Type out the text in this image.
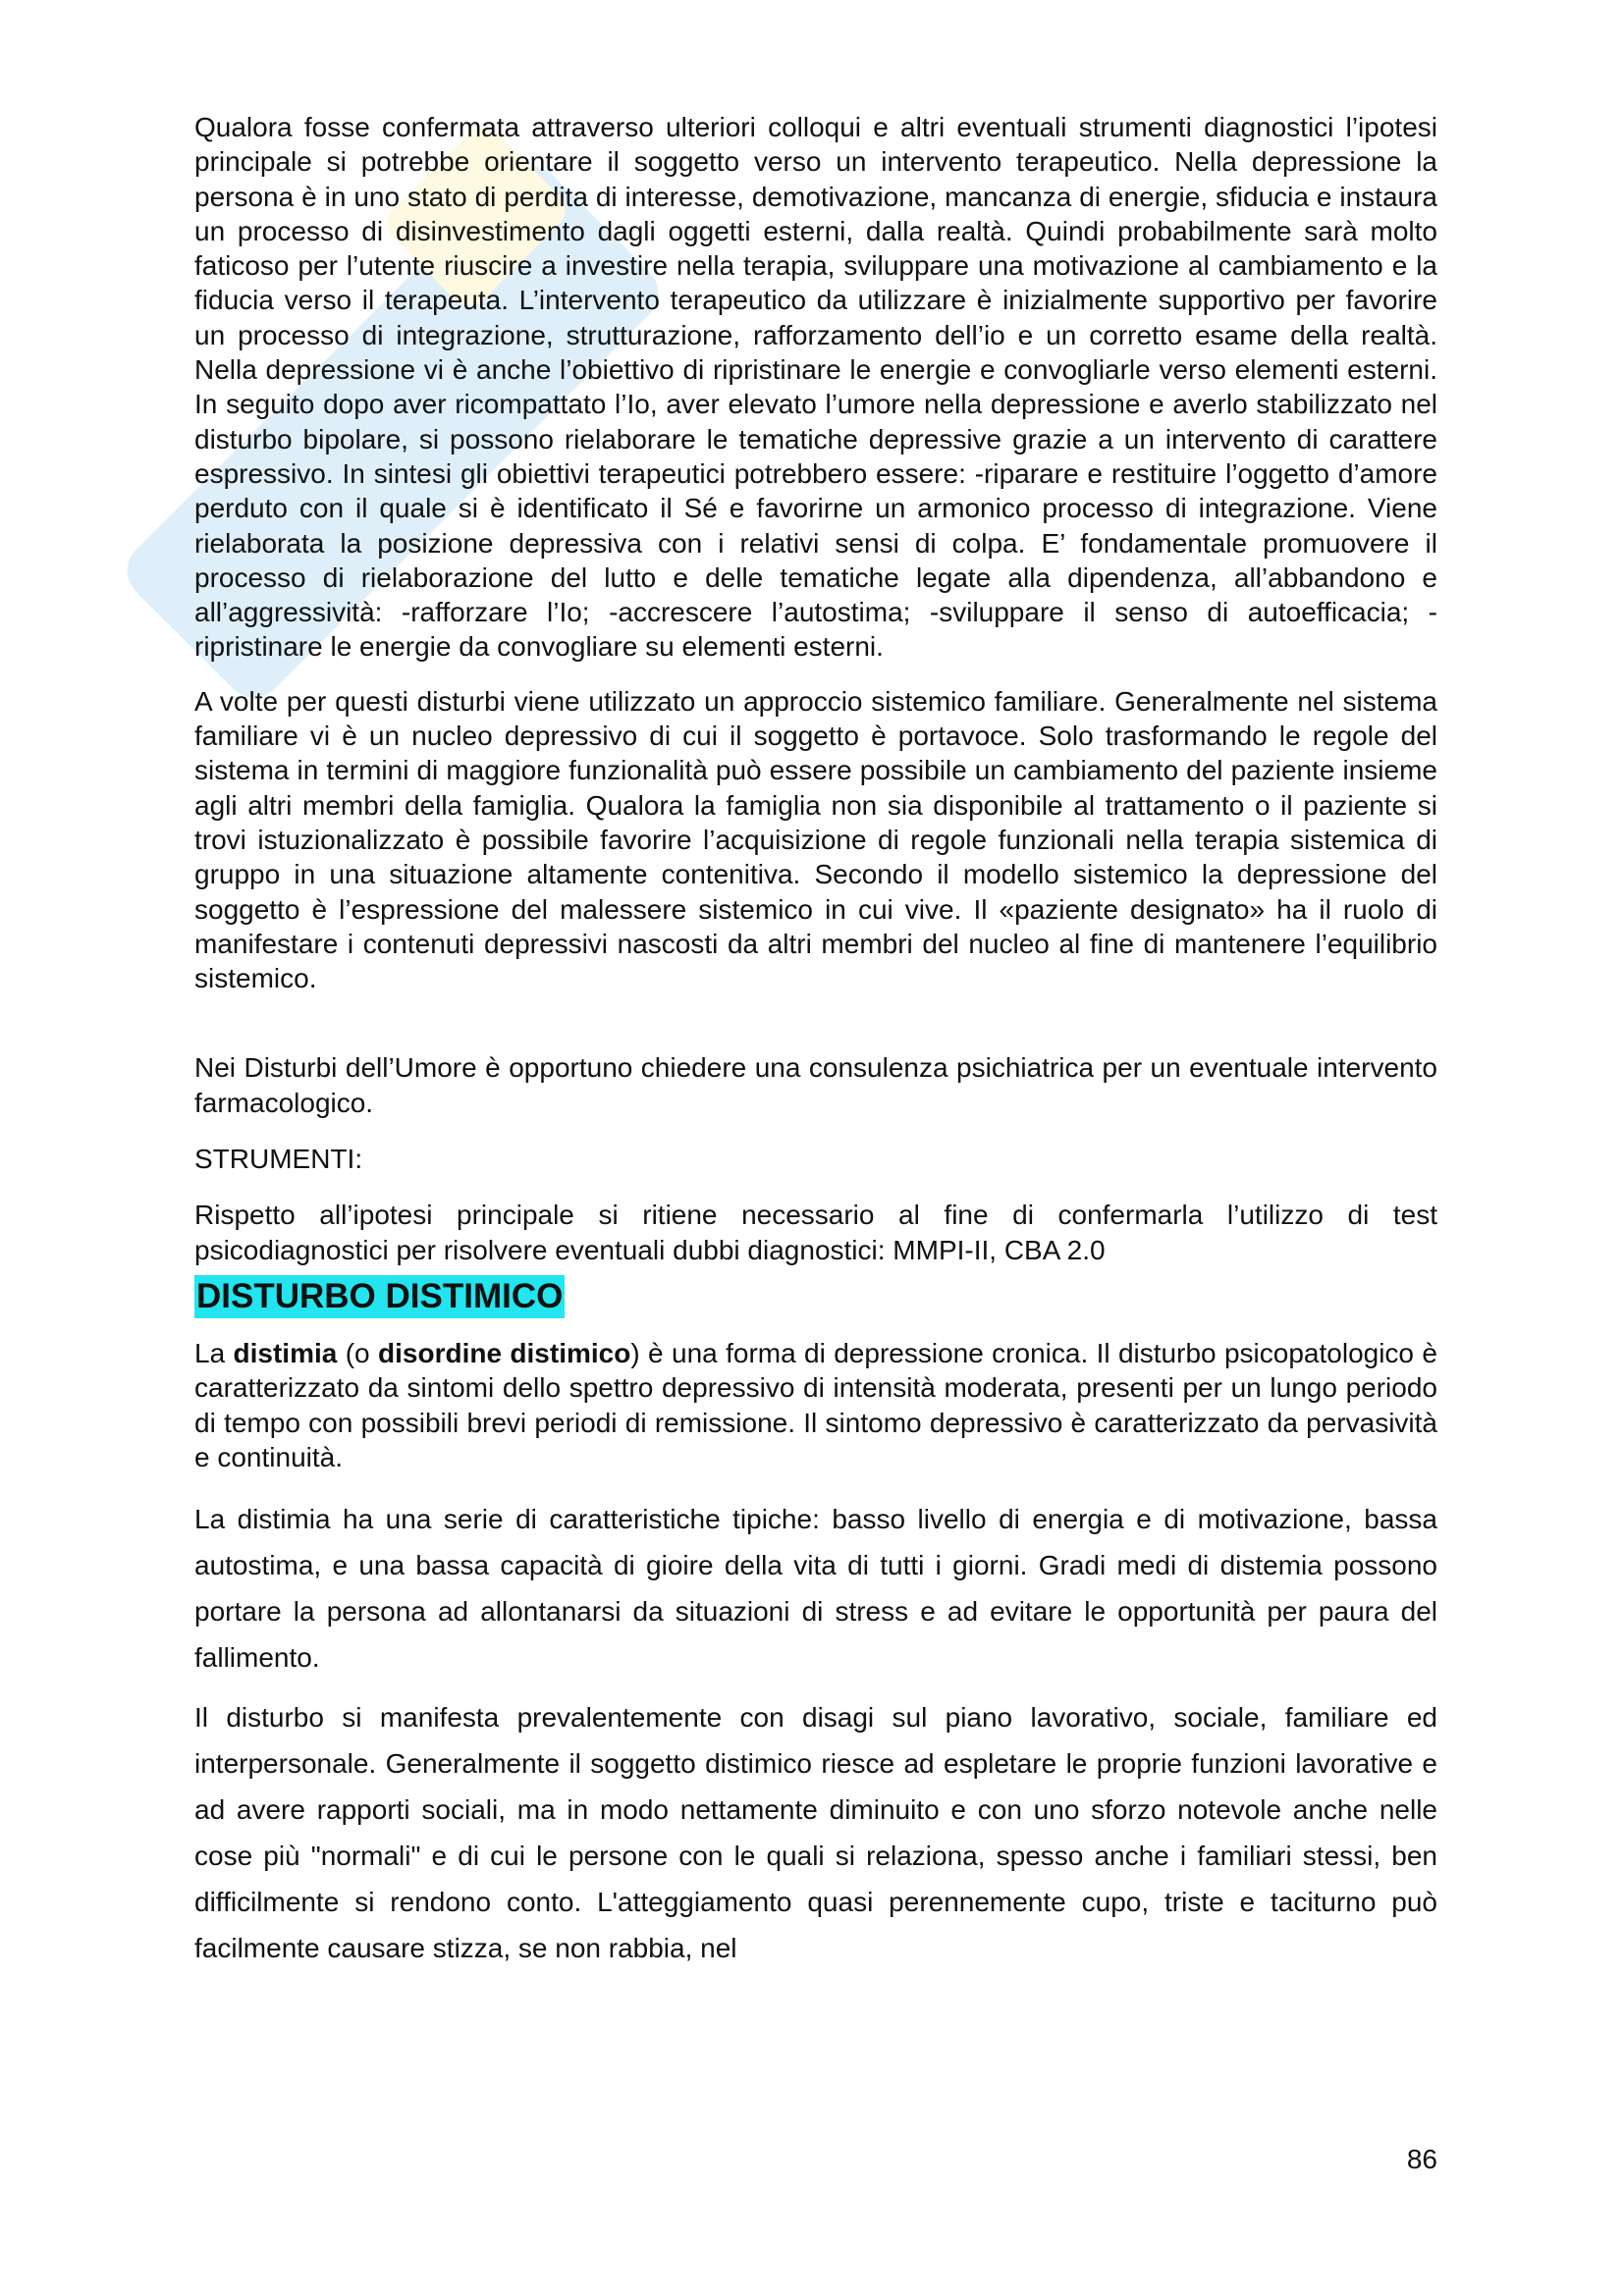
Qualora fosse confermata attraverso ulteriori colloqui e altri eventuali strumenti diagnostici l’ipotesi principale si potrebbe orientare il soggetto verso un intervento terapeutico. Nella depressione la persona è in uno stato di perdita di interesse, demotivazione, mancanza di energie, sfiducia e instaura un processo di disinvestimento dagli oggetti esterni, dalla realtà. Quindi probabilmente sarà molto faticoso per l’utente riuscire a investire nella terapia, sviluppare una motivazione al cambiamento e la fiducia verso il terapeuta. L’intervento terapeutico da utilizzare è inizialmente supportivo per favorire un processo di integrazione, strutturazione, rafforzamento dell’io e un corretto esame della realtà. Nella depressione vi è anche l’obiettivo di ripristinare le energie e convogliarle verso elementi esterni. In seguito dopo aver ricompattato l’Io, aver elevato l’umore nella depressione e averlo stabilizzato nel disturbo bipolare, si possono rielaborare le tematiche depressive grazie a un intervento di carattere espressivo. In sintesi gli obiettivi terapeutici potrebbero essere: -riparare e restituire l’oggetto d’amore perduto con il quale si è identificato il Sé e favorirne un armonico processo di integrazione. Viene rielaborata la posizione depressiva con i relativi sensi di colpa. E’ fondamentale promuovere il processo di rielaborazione del lutto e delle tematiche legate alla dipendenza, all’abbandono e all’aggressività: -rafforzare l’Io; -accrescere l’autostima; -sviluppare il senso di autoefficacia; -ripristinare le energie da convogliare su elementi esterni.

A volte per questi disturbi viene utilizzato un approccio sistemico familiare. Generalmente nel sistema familiare vi è un nucleo depressivo di cui il soggetto è portavoce. Solo trasformando le regole del sistema in termini di maggiore funzionalità può essere possibile un cambiamento del paziente insieme agli altri membri della famiglia. Qualora la famiglia non sia disponibile al trattamento o il paziente si trovi istuzionalizzato è possibile favorire l’acquisizione di regole funzionali nella terapia sistemica di gruppo in una situazione altamente contenitiva. Secondo il modello sistemico la depressione del soggetto è l’espressione del malessere sistemico in cui vive. Il «paziente designato» ha il ruolo di manifestare i contenuti depressivi nascosti da altri membri del nucleo al fine di mantenere l’equilibrio sistemico.

Nei Disturbi dell’Umore è opportuno chiedere una consulenza psichiatrica per un eventuale intervento farmacologico.

STRUMENTI:

Rispetto all’ipotesi principale si ritiene necessario al fine di confermarla l’utilizzo di test psicodiagnostici per risolvere eventuali dubbi diagnostici: MMPI-II, CBA 2.0

DISTURBO DISTIMICO

La distimia (o disordine distimico) è una forma di depressione cronica. Il disturbo psicopatologico è caratterizzato da sintomi dello spettro depressivo di intensità moderata, presenti per un lungo periodo di tempo con possibili brevi periodi di remissione. Il sintomo depressivo è caratterizzato da pervasività e continuità.

La distimia ha una serie di caratteristiche tipiche: basso livello di energia e di motivazione, bassa autostima, e una bassa capacità di gioire della vita di tutti i giorni. Gradi medi di distemia possono portare la persona ad allontanarsi da situazioni di stress e ad evitare le opportunità per paura del fallimento.

Il disturbo si manifesta prevalentemente con disagi sul piano lavorativo, sociale, familiare ed interpersonale. Generalmente il soggetto distimico riesce ad espletare le proprie funzioni lavorative e ad avere rapporti sociali, ma in modo nettamente diminuito e con uno sforzo notevole anche nelle cose più "normali" e di cui le persone con le quali si relaziona, spesso anche i familiari stessi, ben difficilmente si rendono conto. L'atteggiamento quasi perennemente cupo, triste e taciturno può facilmente causare stizza, se non rabbia, nel

86
